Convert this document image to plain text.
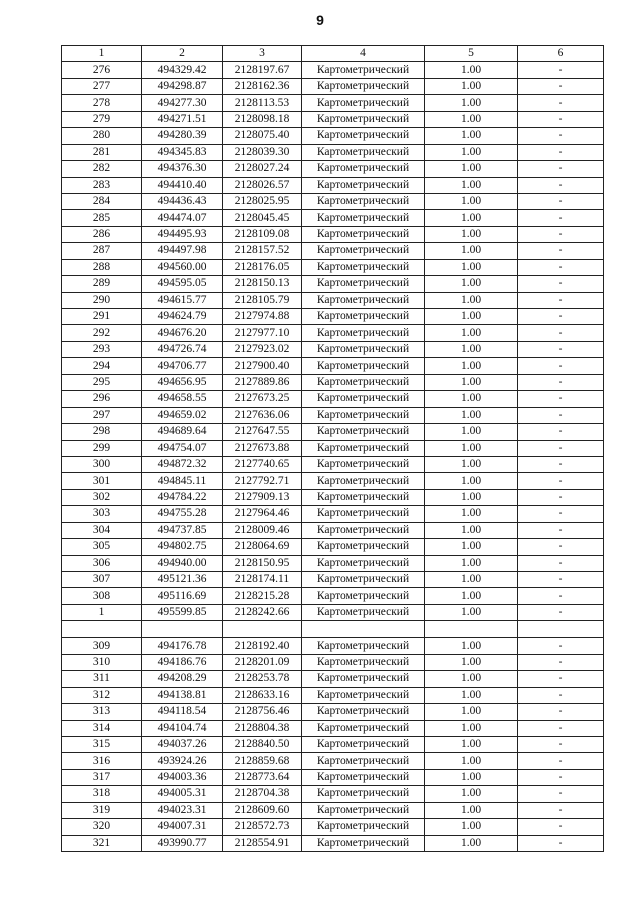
9
1	2	3	4	5	6
276	494329.42	2128197.67	Картометрический	1.00	-
277	494298.87	2128162.36	Картометрический	1.00	-
278	494277.30	2128113.53	Картометрический	1.00	-
279	494271.51	2128098.18	Картометрический	1.00	-
280	494280.39	2128075.40	Картометрический	1.00	-
281	494345.83	2128039.30	Картометрический	1.00	-
282	494376.30	2128027.24	Картометрический	1.00	-
283	494410.40	2128026.57	Картометрический	1.00	-
284	494436.43	2128025.95	Картометрический	1.00	-
285	494474.07	2128045.45	Картометрический	1.00	-
286	494495.93	2128109.08	Картометрический	1.00	-
287	494497.98	2128157.52	Картометрический	1.00	-
288	494560.00	2128176.05	Картометрический	1.00	-
289	494595.05	2128150.13	Картометрический	1.00	-
290	494615.77	2128105.79	Картометрический	1.00	-
291	494624.79	2127974.88	Картометрический	1.00	-
292	494676.20	2127977.10	Картометрический	1.00	-
293	494726.74	2127923.02	Картометрический	1.00	-
294	494706.77	2127900.40	Картометрический	1.00	-
295	494656.95	2127889.86	Картометрический	1.00	-
296	494658.55	2127673.25	Картометрический	1.00	-
297	494659.02	2127636.06	Картометрический	1.00	-
298	494689.64	2127647.55	Картометрический	1.00	-
299	494754.07	2127673.88	Картометрический	1.00	-
300	494872.32	2127740.65	Картометрический	1.00	-
301	494845.11	2127792.71	Картометрический	1.00	-
302	494784.22	2127909.13	Картометрический	1.00	-
303	494755.28	2127964.46	Картометрический	1.00	-
304	494737.85	2128009.46	Картометрический	1.00	-
305	494802.75	2128064.69	Картометрический	1.00	-
306	494940.00	2128150.95	Картометрический	1.00	-
307	495121.36	2128174.11	Картометрический	1.00	-
308	495116.69	2128215.28	Картометрический	1.00	-
1	495599.85	2128242.66	Картометрический	1.00	-

309	494176.78	2128192.40	Картометрический	1.00	-
310	494186.76	2128201.09	Картометрический	1.00	-
311	494208.29	2128253.78	Картометрический	1.00	-
312	494138.81	2128633.16	Картометрический	1.00	-
313	494118.54	2128756.46	Картометрический	1.00	-
314	494104.74	2128804.38	Картометрический	1.00	-
315	494037.26	2128840.50	Картометрический	1.00	-
316	493924.26	2128859.68	Картометрический	1.00	-
317	494003.36	2128773.64	Картометрический	1.00	-
318	494005.31	2128704.38	Картометрический	1.00	-
319	494023.31	2128609.60	Картометрический	1.00	-
320	494007.31	2128572.73	Картометрический	1.00	-
321	493990.77	2128554.91	Картометрический	1.00	-
